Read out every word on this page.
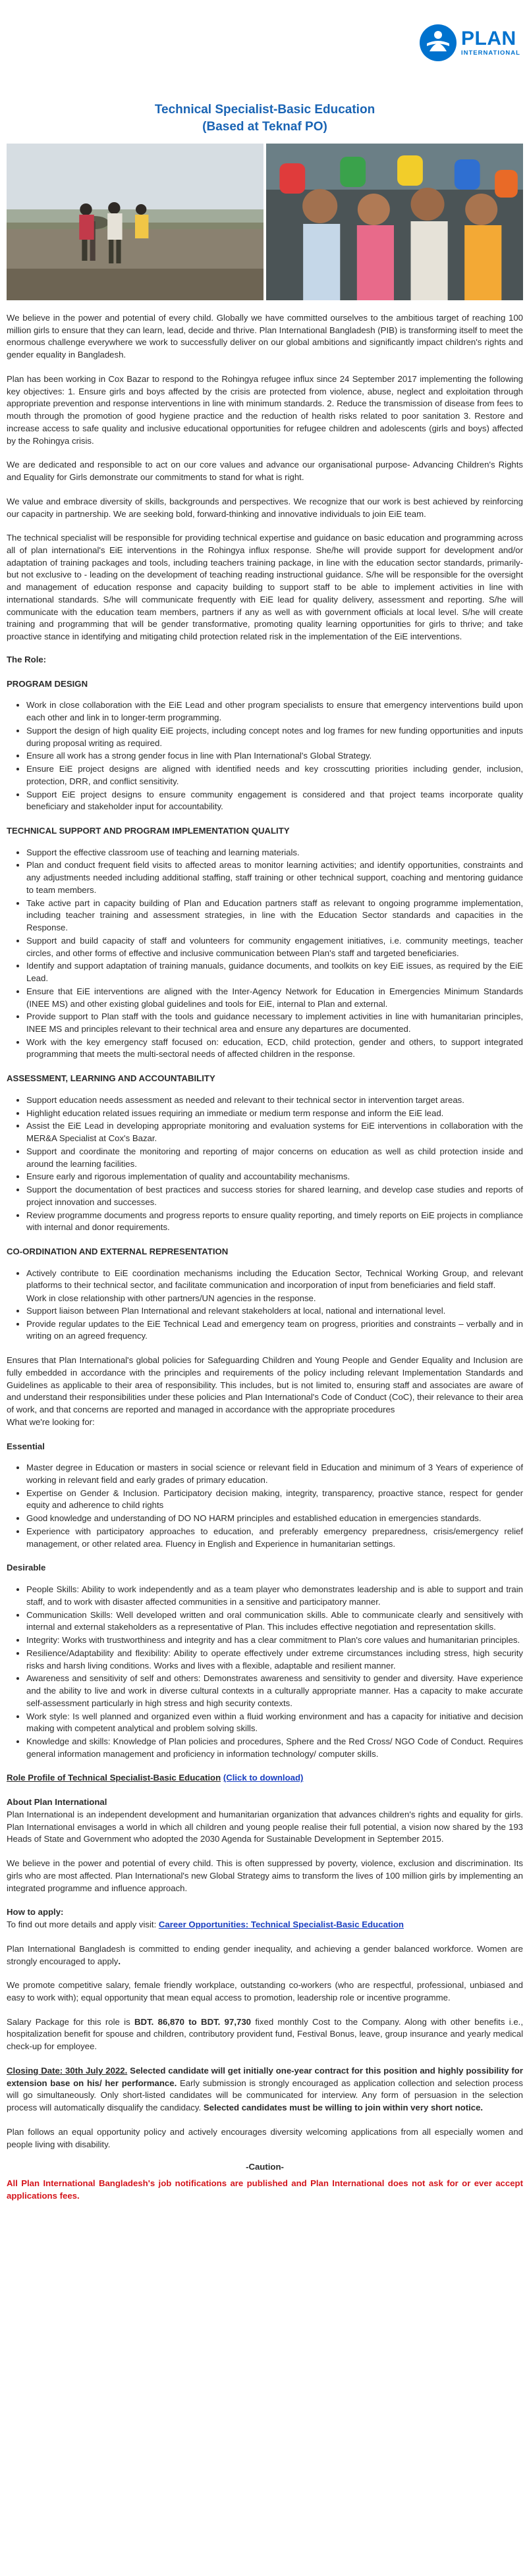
PLAN
INTERNATIONAL
Technical Specialist-Basic Education
(Based at Teknaf PO)

We believe in the power and potential of every child. Globally we have committed ourselves to the ambitious target of reaching 100 million girls to ensure that they can learn, lead, decide and thrive. Plan International Bangladesh (PIB) is transforming itself to meet the enormous challenge everywhere we work to successfully deliver on our global ambitions and significantly impact children's rights and gender equality in Bangladesh.

Plan has been working in Cox Bazar to respond to the Rohingya refugee influx since 24 September 2017 implementing the following key objectives: 1. Ensure girls and boys affected by the crisis are protected from violence, abuse, neglect and exploitation through appropriate prevention and response interventions in line with minimum standards. 2. Reduce the transmission of disease from fees to mouth through the promotion of good hygiene practice and the reduction of health risks related to poor sanitation 3. Restore and increase access to safe quality and inclusive educational opportunities for refugee children and adolescents (girls and boys) affected by the Rohingya crisis.

We are dedicated and responsible to act on our core values and advance our organisational purpose- Advancing Children's Rights and Equality for Girls demonstrate our commitments to stand for what is right.

We value and embrace diversity of skills, backgrounds and perspectives. We recognize that our work is best achieved by reinforcing our capacity in partnership. We are seeking bold, forward-thinking and innovative individuals to join EiE team.

The technical specialist will be responsible for providing technical expertise and guidance on basic education and programming across all of plan international's EiE interventions in the Rohingya influx response. She/he will provide support for development and/or adaptation of training packages and tools, including teachers training package, in line with the education sector standards, primarily- but not exclusive to - leading on the development of teaching reading instructional guidance. S/he will be responsible for the oversight and management of education response and capacity building to support staff to be able to implement activities in line with international standards. S/he will communicate frequently with EiE lead for quality delivery, assessment and reporting. S/he will communicate with the education team members, partners if any as well as with government officials at local level. S/he will create training and programming that will be gender transformative, promoting quality learning opportunities for girls to thrive; and take proactive stance in identifying and mitigating child protection related risk in the implementation of the EiE interventions.

The Role:
PROGRAM DESIGN
• Work in close collaboration with the EiE Lead and other program specialists to ensure that emergency interventions build upon each other and link in to longer-term programming.
• Support the design of high quality EiE projects, including concept notes and log frames for new funding opportunities and inputs during proposal writing as required.
• Ensure all work has a strong gender focus in line with Plan International's Global Strategy.
• Ensure EiE project designs are aligned with identified needs and key crosscutting priorities including gender, inclusion, protection, DRR, and conflict sensitivity.
• Support EiE project designs to ensure community engagement is considered and that project teams incorporate quality beneficiary and stakeholder input for accountability.
TECHNICAL SUPPORT AND PROGRAM IMPLEMENTATION QUALITY
• Support the effective classroom use of teaching and learning materials.
• Plan and conduct frequent field visits to affected areas to monitor learning activities; and identify opportunities, constraints and any adjustments needed including additional staffing, staff training or other technical support, coaching and mentoring guidance to team members.
• Take active part in capacity building of Plan and Education partners staff as relevant to ongoing programme implementation, including teacher training and assessment strategies, in line with the Education Sector standards and capacities in the Response.
• Support and build capacity of staff and volunteers for community engagement initiatives, i.e. community meetings, teacher circles, and other forms of effective and inclusive communication between Plan's staff and targeted beneficiaries.
• Identify and support adaptation of training manuals, guidance documents, and toolkits on key EiE issues, as required by the EiE Lead.
• Ensure that EiE interventions are aligned with the Inter-Agency Network for Education in Emergencies Minimum Standards (INEE MS) and other existing global guidelines and tools for EiE, internal to Plan and external.
• Provide support to Plan staff with the tools and guidance necessary to implement activities in line with humanitarian principles, INEE MS and principles relevant to their technical area and ensure any departures are documented.
• Work with the key emergency staff focused on: education, ECD, child protection, gender and others, to support integrated programming that meets the multi-sectoral needs of affected children in the response.
ASSESSMENT, LEARNING AND ACCOUNTABILITY
• Support education needs assessment as needed and relevant to their technical sector in intervention target areas.
• Highlight education related issues requiring an immediate or medium term response and inform the EiE lead.
• Assist the EiE Lead in developing appropriate monitoring and evaluation systems for EiE interventions in collaboration with the MER&A Specialist at Cox's Bazar.
• Support and coordinate the monitoring and reporting of major concerns on education as well as child protection inside and around the learning facilities.
• Ensure early and rigorous implementation of quality and accountability mechanisms.
• Support the documentation of best practices and success stories for shared learning, and develop case studies and reports of project innovation and successes.
• Review programme documents and progress reports to ensure quality reporting, and timely reports on EiE projects in compliance with internal and donor requirements.
CO-ORDINATION AND EXTERNAL REPRESENTATION
• Actively contribute to EiE coordination mechanisms including the Education Sector, Technical Working Group, and relevant platforms to their technical sector, and facilitate communication and incorporation of input from beneficiaries and field staff.
Work in close relationship with other partners/UN agencies in the response.
• Support liaison between Plan International and relevant stakeholders at local, national and international level.
• Provide regular updates to the EiE Technical Lead and emergency team on progress, priorities and constraints – verbally and in writing on an agreed frequency.

Ensures that Plan International's global policies for Safeguarding Children and Young People and Gender Equality and Inclusion are fully embedded in accordance with the principles and requirements of the policy including relevant Implementation Standards and Guidelines as applicable to their area of responsibility. This includes, but is not limited to, ensuring staff and associates are aware of and understand their responsibilities under these policies and Plan International's Code of Conduct (CoC), their relevance to their area of work, and that concerns are reported and managed in accordance with the appropriate procedures
What we're looking for:

Essential
• Master degree in Education or masters in social science or relevant field in Education and minimum of 3 Years of experience of working in relevant field and early grades of primary education.
• Expertise on Gender & Inclusion. Participatory decision making, integrity, transparency, proactive stance, respect for gender equity and adherence to child rights
• Good knowledge and understanding of DO NO HARM principles and established education in emergencies standards.
• Experience with participatory approaches to education, and preferably emergency preparedness, crisis/emergency relief management, or other related area. Fluency in English and Experience in humanitarian settings.
Desirable
• People Skills: Ability to work independently and as a team player who demonstrates leadership and is able to support and train staff, and to work with disaster affected communities in a sensitive and participatory manner.
• Communication Skills: Well developed written and oral communication skills. Able to communicate clearly and sensitively with internal and external stakeholders as a representative of Plan. This includes effective negotiation and representation skills.
• Integrity: Works with trustworthiness and integrity and has a clear commitment to Plan's core values and humanitarian principles.
• Resilience/Adaptability and flexibility: Ability to operate effectively under extreme circumstances including stress, high security risks and harsh living conditions. Works and lives with a flexible, adaptable and resilient manner.
• Awareness and sensitivity of self and others: Demonstrates awareness and sensitivity to gender and diversity. Have experience and the ability to live and work in diverse cultural contexts in a culturally appropriate manner. Has a capacity to make accurate self-assessment particularly in high stress and high security contexts.
• Work style: Is well planned and organized even within a fluid working environment and has a capacity for initiative and decision making with competent analytical and problem solving skills.
• Knowledge and skills: Knowledge of Plan policies and procedures, Sphere and the Red Cross/ NGO Code of Conduct. Requires general information management and proficiency in information technology/ computer skills.

Role Profile of Technical Specialist-Basic Education (Click to download)

About Plan International
Plan International is an independent development and humanitarian organization that advances children's rights and equality for girls. Plan International envisages a world in which all children and young people realise their full potential, a vision now shared by the 193 Heads of State and Government who adopted the 2030 Agenda for Sustainable Development in September 2015.

We believe in the power and potential of every child. This is often suppressed by poverty, violence, exclusion and discrimination. Its girls who are most affected. Plan International's new Global Strategy aims to transform the lives of 100 million girls by implementing an integrated programme and influence approach.

How to apply:
To find out more details and apply visit: Career Opportunities: Technical Specialist-Basic Education

Plan International Bangladesh is committed to ending gender inequality, and achieving a gender balanced workforce. Women are strongly encouraged to apply.

We promote competitive salary, female friendly workplace, outstanding co-workers (who are respectful, professional, unbiased and easy to work with); equal opportunity that mean equal access to promotion, leadership role or incentive programme.

Salary Package for this role is BDT. 86,870 to BDT. 97,730 fixed monthly Cost to the Company. Along with other benefits i.e., hospitalization benefit for spouse and children, contributory provident fund, Festival Bonus, leave, group insurance and yearly medical check-up for employee.

Closing Date: 30th July 2022. Selected candidate will get initially one-year contract for this position and highly possibility for extension base on his/ her performance. Early submission is strongly encouraged as application collection and selection process will go simultaneously. Only short-listed candidates will be communicated for interview. Any form of persuasion in the selection process will automatically disqualify the candidacy. Selected candidates must be willing to join within very short notice.

Plan follows an equal opportunity policy and actively encourages diversity welcoming applications from all especially women and people living with disability.

-Caution-
All Plan International Bangladesh's job notifications are published and Plan International does not ask for or ever accept applications fees.
